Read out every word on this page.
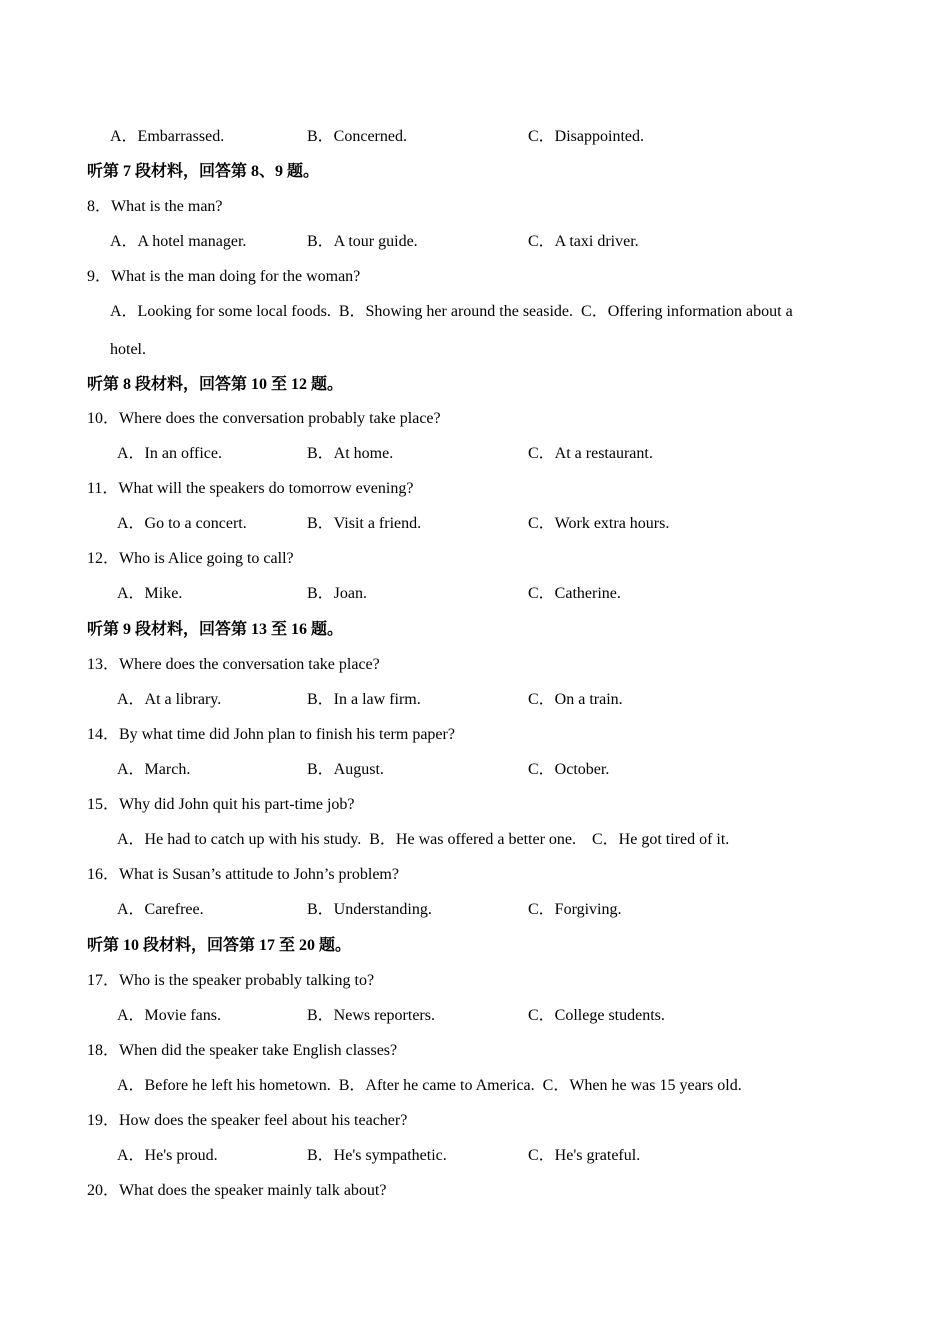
A．Embarrassed.	B．Concerned.	C．Disappointed.
听第 7 段材料，回答第 8、9 题。
8．What is the man?
A．A hotel manager.	B．A tour guide.	C．A taxi driver.
9．What is the man doing for the woman?
A．Looking for some local foods.  B．Showing her around the seaside.  C．Offering information about a
hotel.
听第 8 段材料，回答第 10 至 12 题。
10．Where does the conversation probably take place?
A．In an office.	B．At home.	C．At a restaurant.
11．What will the speakers do tomorrow evening?
A．Go to a concert.	B．Visit a friend.	C．Work extra hours.
12．Who is Alice going to call?
A．Mike.	B．Joan.	C．Catherine.
听第 9 段材料，回答第 13 至 16 题。
13．Where does the conversation take place?
A．At a library.	B．In a law firm.	C．On a train.
14．By what time did John plan to finish his term paper?
A．March.	B．August.	C．October.
15．Why did John quit his part-time job?
A．He had to catch up with his study.  B．He was offered a better one.    C．He got tired of it.
16．What is Susan’s attitude to John’s problem?
A．Carefree.	B．Understanding.	C．Forgiving.
听第 10 段材料，回答第 17 至 20 题。
17．Who is the speaker probably talking to?
A．Movie fans.	B．News reporters.	C．College students.
18．When did the speaker take English classes?
A．Before he left his hometown.  B．After he came to America.  C．When he was 15 years old.
19．How does the speaker feel about his teacher?
A．He's proud.	B．He's sympathetic.	C．He's grateful.
20．What does the speaker mainly talk about?
